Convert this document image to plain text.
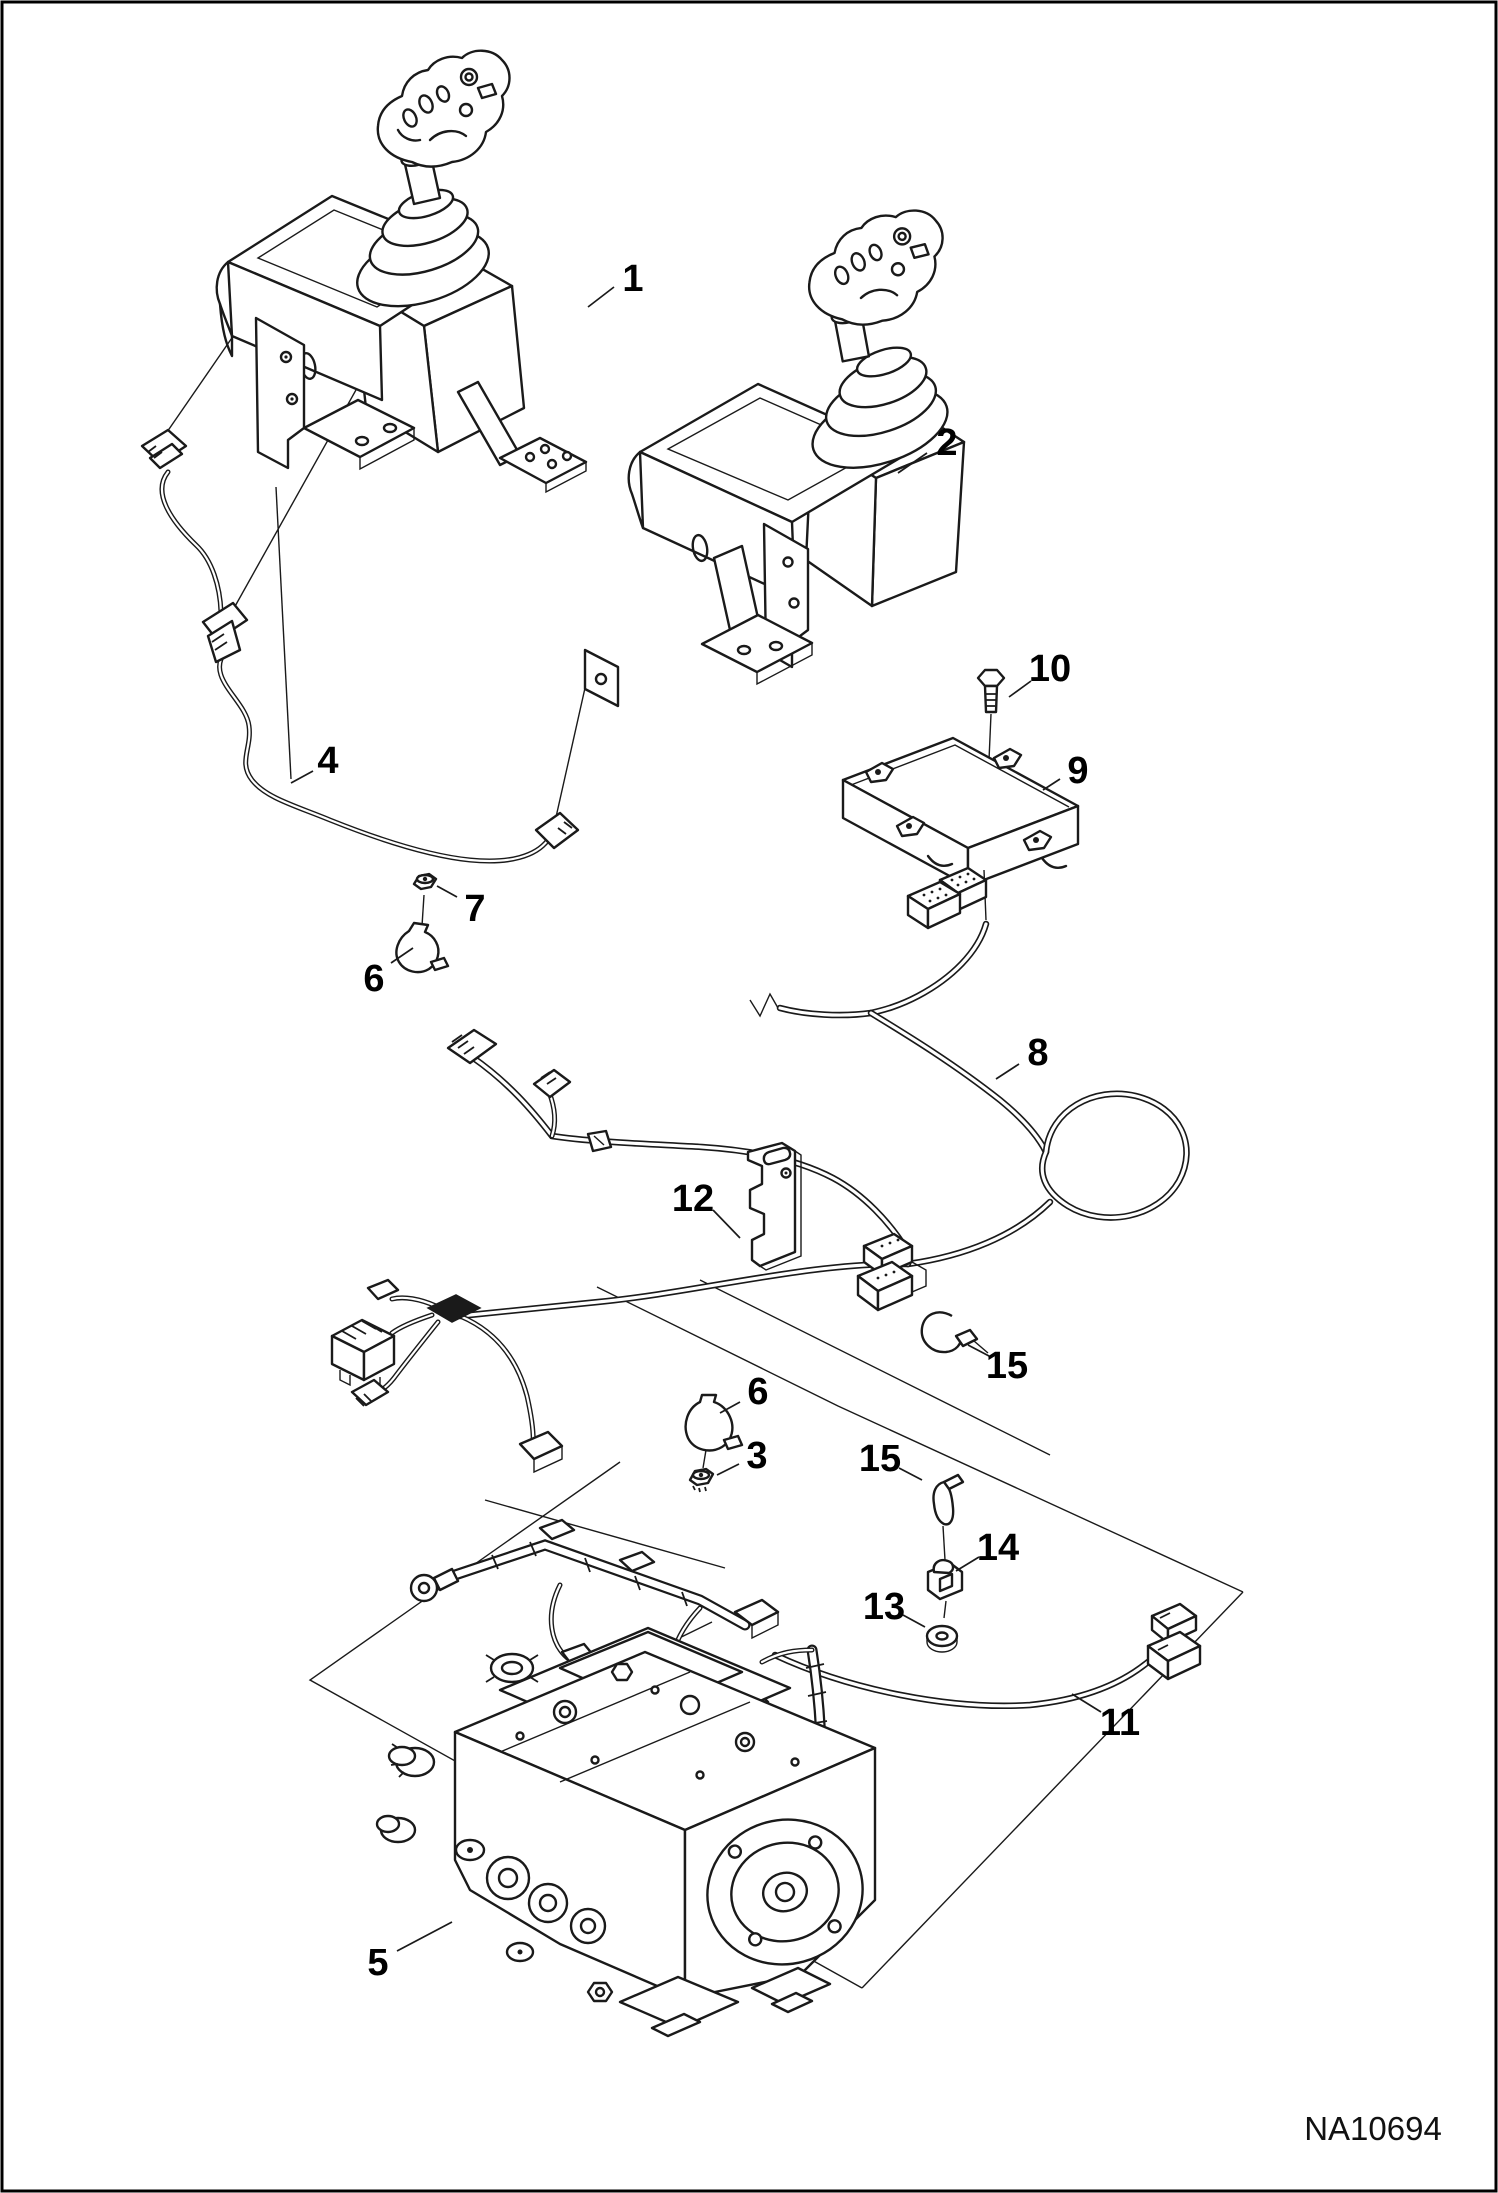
NA10694
1
2
3
4
5
6
6
7
8
9
10
11
12
13
14
15
15
